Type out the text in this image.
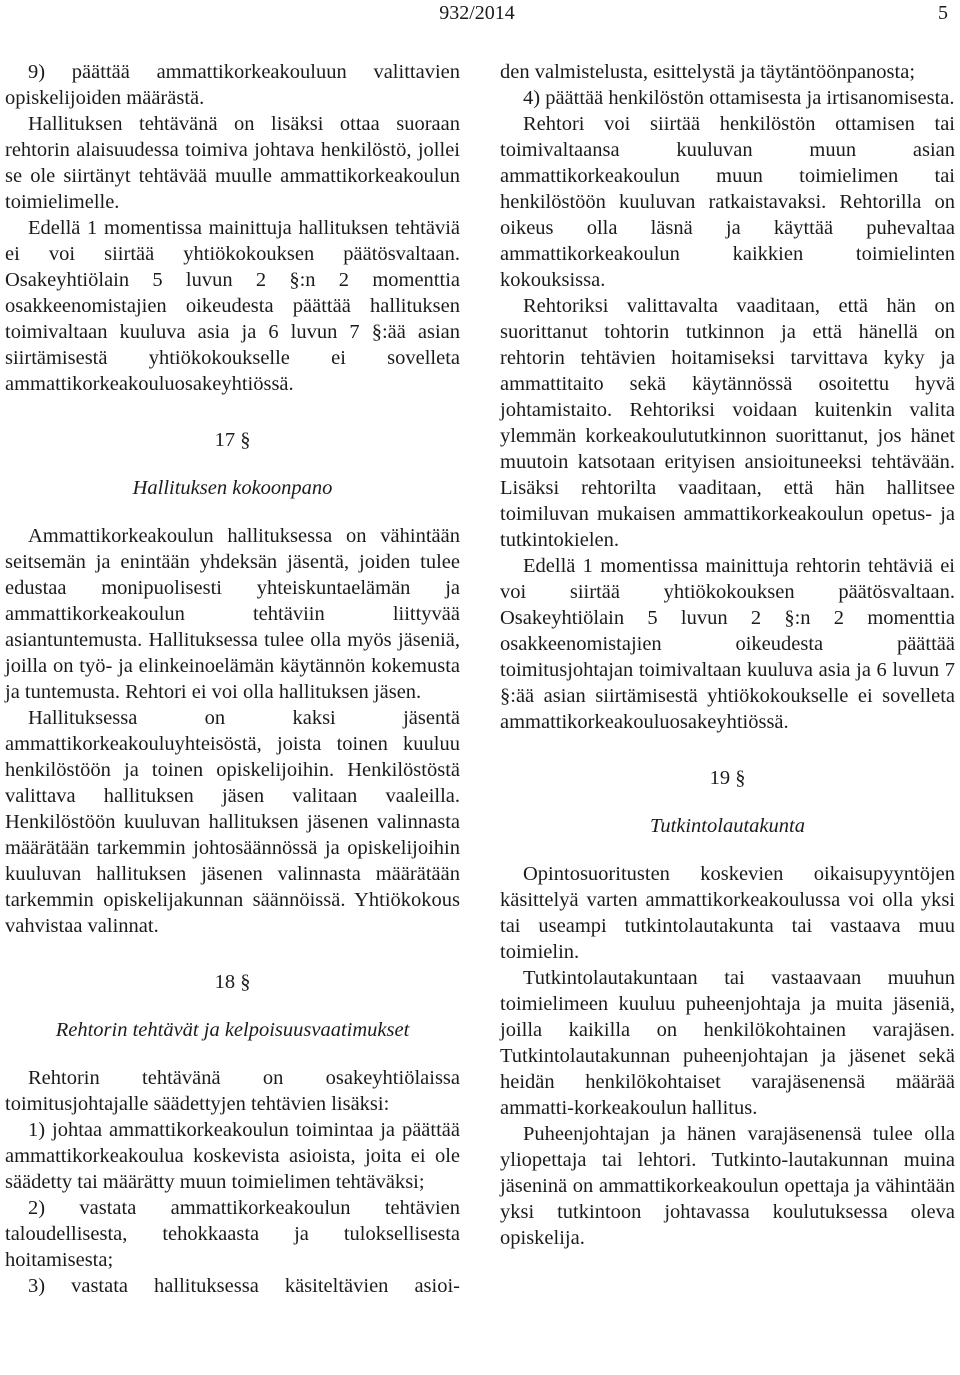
932/2014	5

9) päättää ammattikorkeakouluun valittavien opiskelijoiden määrästä.

Hallituksen tehtävänä on lisäksi ottaa suoraan rehtorin alaisuudessa toimiva johtava henkilöstö, jollei se ole siirtänyt tehtävää muulle ammattikorkeakoulun toimielimelle.

Edellä 1 momentissa mainittuja hallituksen tehtäviä ei voi siirtää yhtiökokouksen päätösvaltaan. Osakeyhtiölain 5 luvun 2 §:n 2 momenttia osakkeenomistajien oikeudesta päättää hallituksen toimivaltaan kuuluva asia ja 6 luvun 7 §:ää asian siirtämisestä yhtiökokoukselle ei sovelleta ammattikorkeakouluosakeyhtiössä.

17 §
Hallituksen kokoonpano

Ammattikorkeakoulun hallituksessa on vähintään seitsemän ja enintään yhdeksän jäsentä, joiden tulee edustaa monipuolisesti yhteiskuntaelämän ja ammattikorkeakoulun tehtäviin liittyvää asiantuntemusta. Hallituksessa tulee olla myös jäseniä, joilla on työ- ja elinkeinoelämän käytännön kokemusta ja tuntemusta. Rehtori ei voi olla hallituksen jäsen.

Hallituksessa on kaksi jäsentä ammattikorkeakouluyhteisöstä, joista toinen kuuluu henkilöstöön ja toinen opiskelijoihin. Henkilöstöstä valittava hallituksen jäsen valitaan vaaleilla. Henkilöstöön kuuluvan hallituksen jäsenen valinnasta määrätään tarkemmin johtosäännössä ja opiskelijoihin kuuluvan hallituksen jäsenen valinnasta määrätään tarkemmin opiskelijakunnan säännöissä. Yhtiökokous vahvistaa valinnat.

18 §
Rehtorin tehtävät ja kelpoisuusvaatimukset

Rehtorin tehtävänä on osakeyhtiölaissa toimitusjohtajalle säädettyjen tehtävien lisäksi:

1) johtaa ammattikorkeakoulun toimintaa ja päättää ammattikorkeakoulua koskevista asioista, joita ei ole säädetty tai määrätty muun toimielimen tehtäväksi;

2) vastata ammattikorkeakoulun tehtävien taloudellisesta, tehokkaasta ja tuloksellisesta hoitamisesta;

3) vastata hallituksessa käsiteltävien asioi-

den valmistelusta, esittelystä ja täytäntöönpanosta;

4) päättää henkilöstön ottamisesta ja irtisanomisesta.

Rehtori voi siirtää henkilöstön ottamisen tai toimivaltaansa kuuluvan muun asian ammattikorkeakoulun muun toimielimen tai henkilöstöön kuuluvan ratkaistavaksi. Rehtorilla on oikeus olla läsnä ja käyttää puhevaltaa ammattikorkeakoulun kaikkien toimielinten kokouksissa.

Rehtoriksi valittavalta vaaditaan, että hän on suorittanut tohtorin tutkinnon ja että hänellä on rehtorin tehtävien hoitamiseksi tarvittava kyky ja ammattitaito sekä käytännössä osoitettu hyvä johtamistaito. Rehtoriksi voidaan kuitenkin valita ylemmän korkeakoulututkinnon suorittanut, jos hänet muutoin katsotaan erityisen ansioituneeksi tehtävään. Lisäksi rehtorilta vaaditaan, että hän hallitsee toimiluvan mukaisen ammattikorkeakoulun opetus- ja tutkintokielen.

Edellä 1 momentissa mainittuja rehtorin tehtäviä ei voi siirtää yhtiökokouksen päätösvaltaan. Osakeyhtiölain 5 luvun 2 §:n 2 momenttia osakkeenomistajien oikeudesta päättää toimitusjohtajan toimivaltaan kuuluva asia ja 6 luvun 7 §:ää asian siirtämisestä yhtiökokoukselle ei sovelleta ammattikorkeakouluosakeyhtiössä.

19 §
Tutkintolautakunta

Opintosuoritusten koskevien oikaisupyyntöjen käsittelyä varten ammattikorkeakoulussa voi olla yksi tai useampi tutkintolautakunta tai vastaava muu toimielin.

Tutkintolautakuntaan tai vastaavaan muuhun toimielimeen kuuluu puheenjohtaja ja muita jäseniä, joilla kaikilla on henkilökohtainen varajäsen. Tutkintolautakunnan puheenjohtajan ja jäsenet sekä heidän henkilökohtaiset varajäsenensä määrää ammatti-korkeakoulun hallitus.

Puheenjohtajan ja hänen varajäsenensä tulee olla yliopettaja tai lehtori. Tutkinto-lautakunnan muina jäseninä on ammattikorkeakoulun opettaja ja vähintään yksi tutkintoon johtavassa koulutuksessa oleva opiskelija.
